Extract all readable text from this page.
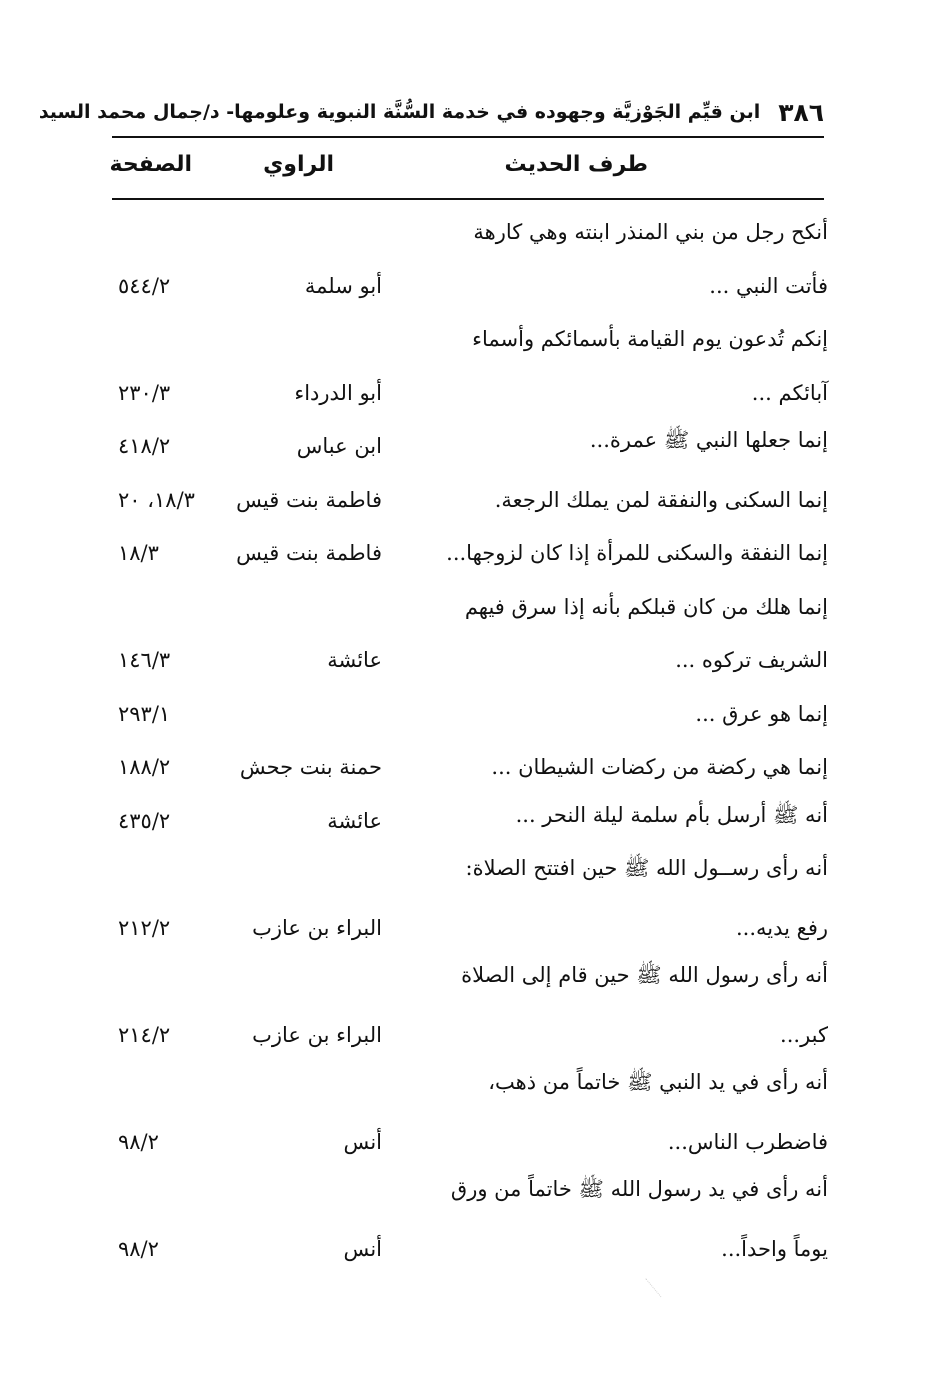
٣٨٦
ابن قيِّم الجَوْزيَّة وجهوده في خدمة السُّنَّة النبوية وعلومها- د/جمال محمد السيد
طرف الحديث
الراوي
الصفحة
أنكح رجل من بني المنذر ابنته وهي كارهة
فأتت النبي ...
أبو سلمة
٥٤٤/٢
إنكم تُدعون يوم القيامة بأسمائكم وأسماء
آبائكم ...
أبو الدرداء
٢٣٠/٣
إنما جعلها النبي ﷺ عمرة...
ابن عباس
٤١٨/٢
إنما السكنى والنفقة لمن يملك الرجعة.
فاطمة بنت قيس
١٨/٣، ٢٠
إنما النفقة والسكنى للمرأة إذا كان لزوجها...
فاطمة بنت قيس
١٨/٣
إنما هلك من كان قبلكم بأنه إذا سرق فيهم
الشريف تركوه ...
عائشة
١٤٦/٣
إنما هو عرق ...
٢٩٣/١
إنما هي ركضة من ركضات الشيطان ...
حمنة بنت جحش
١٨٨/٢
أنه ﷺ أرسل بأم سلمة ليلة النحر ...
عائشة
٤٣٥/٢
أنه رأى رســول الله ﷺ حين افتتح الصلاة:
رفع يديه...
البراء بن عازب
٢١٢/٢
أنه رأى رسول الله ﷺ حين قام إلى الصلاة
كبر...
البراء بن عازب
٢١٤/٢
أنه رأى في يد النبي ﷺ خاتماً من ذهب،
فاضطرب الناس...
أنس
٩٨/٢
أنه رأى في يد رسول الله ﷺ خاتماً من ورق
يوماً واحداً...
أنس
٩٨/٢
